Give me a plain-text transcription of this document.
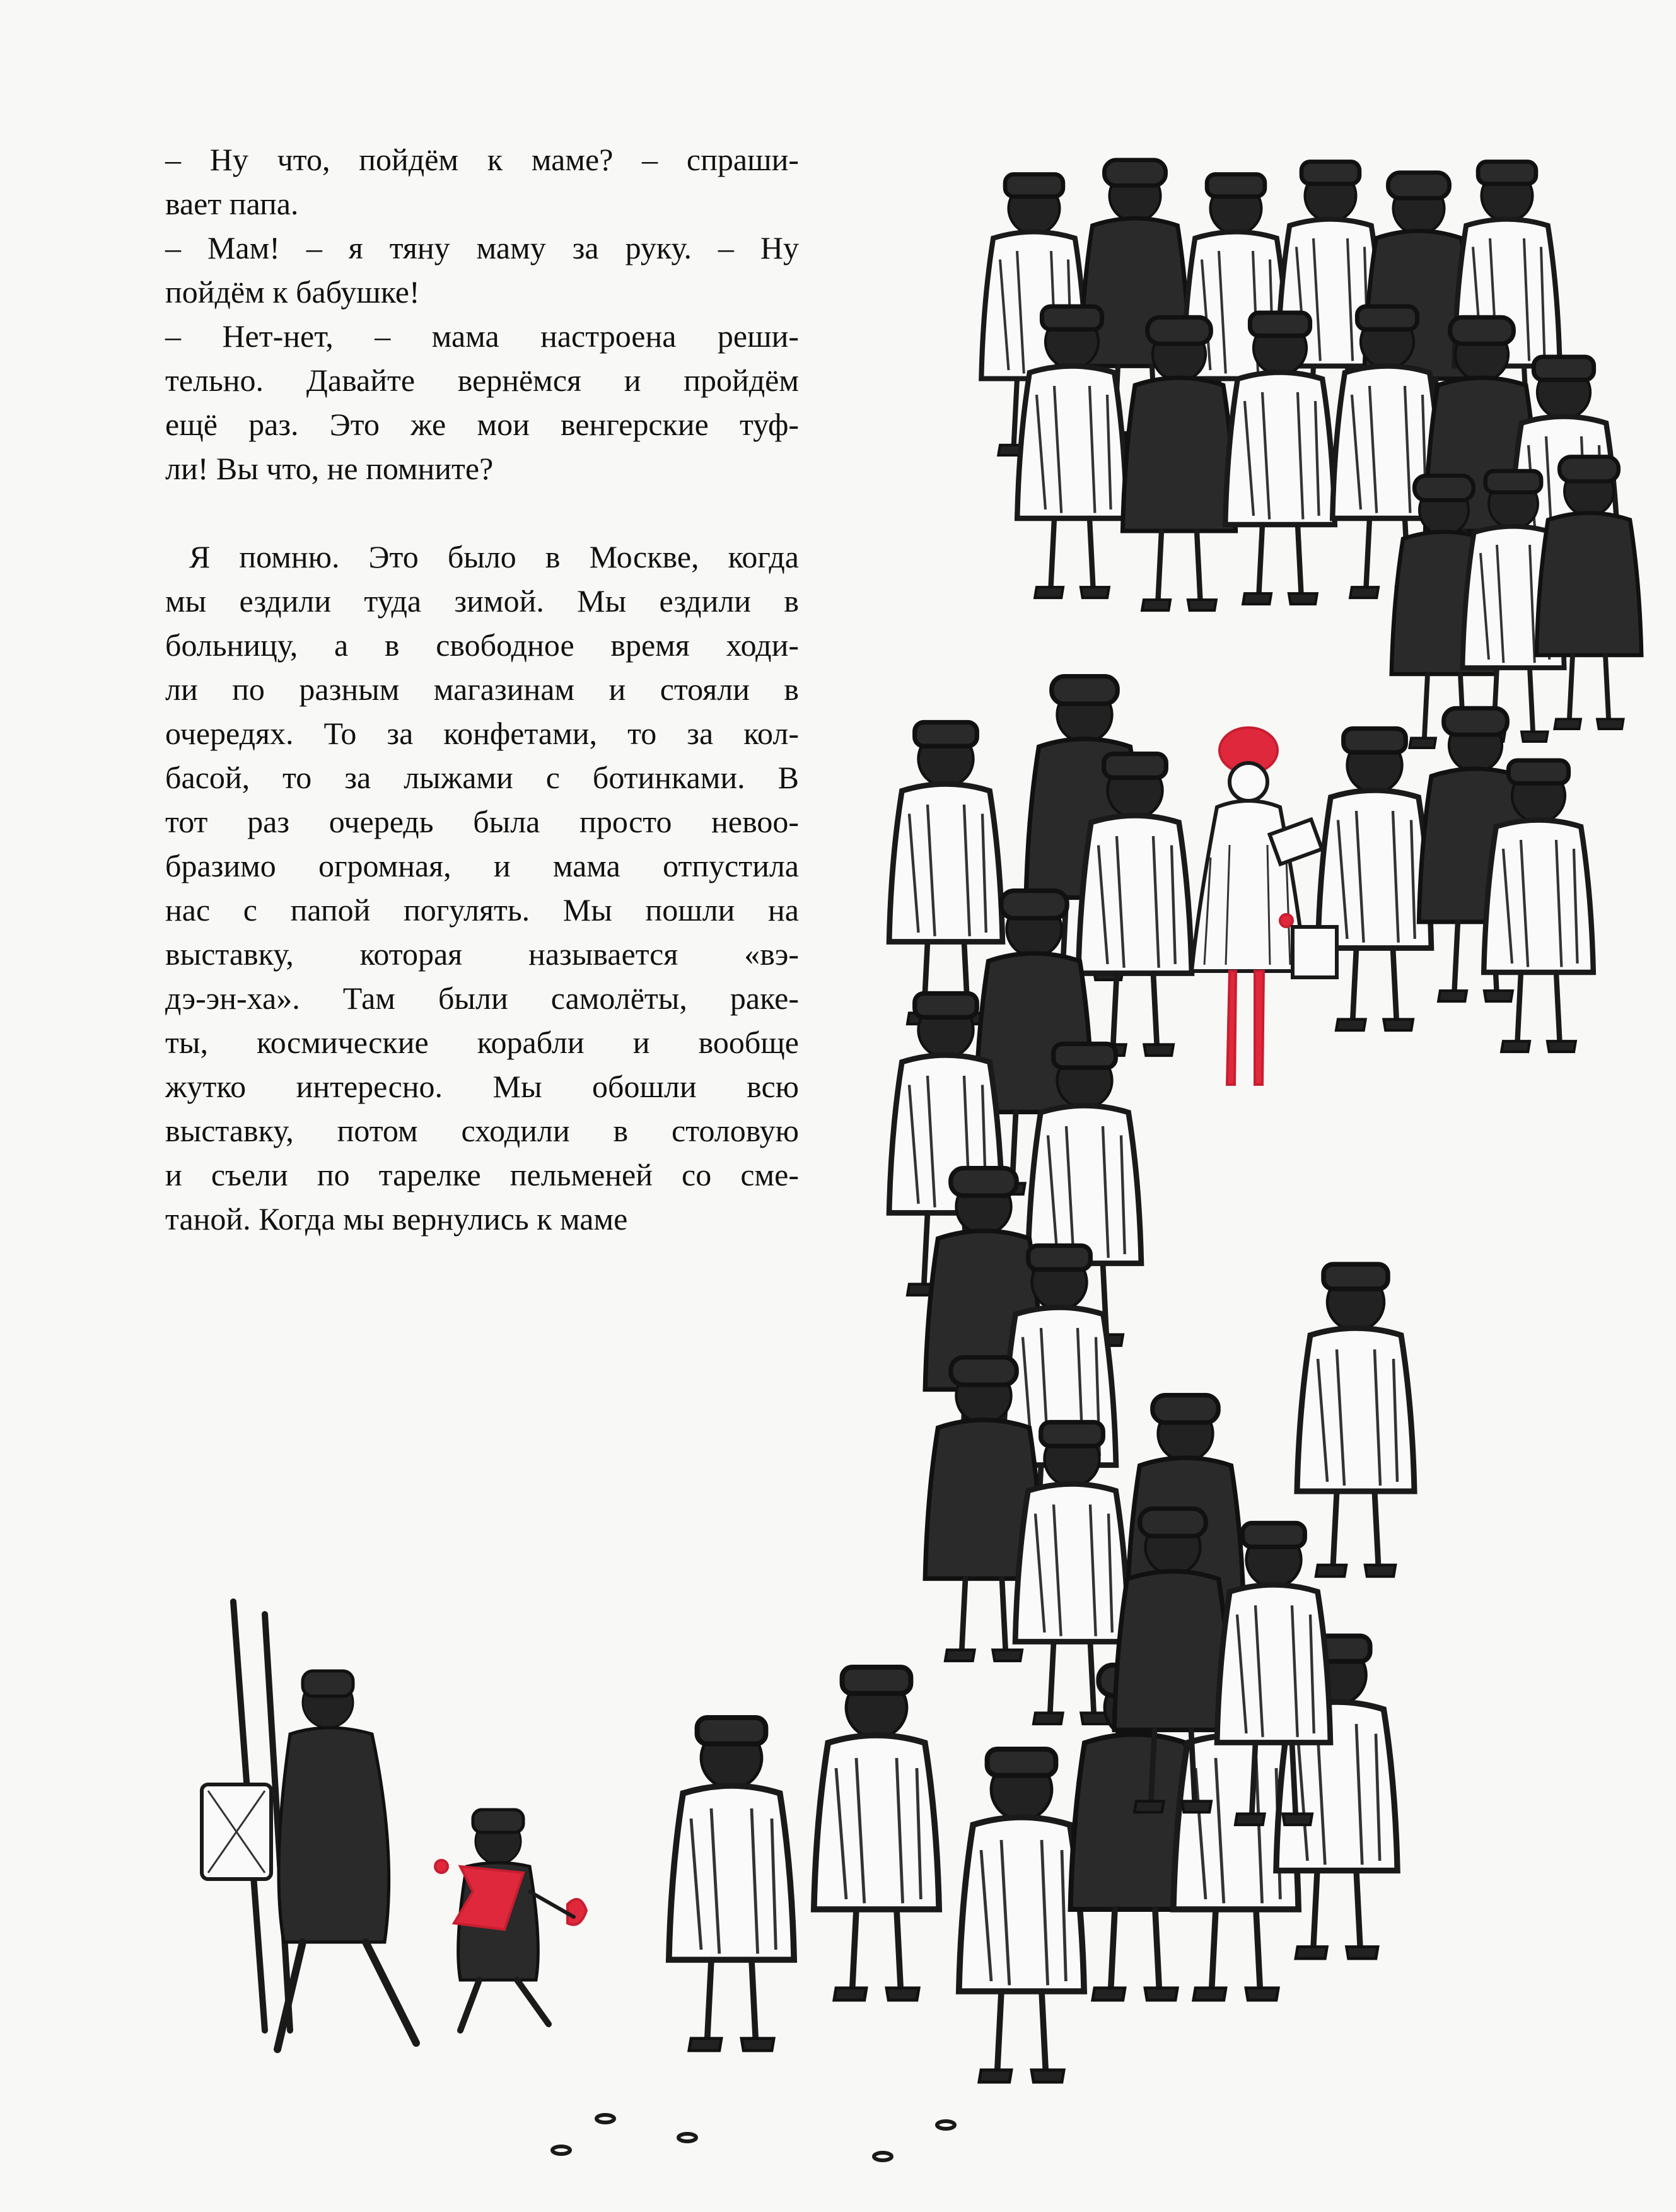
– Ну что, пойдём к маме? – спраши-
вает папа.
– Мам! – я тяну маму за руку. – Ну
пойдём к бабушке!
– Нет-нет, – мама настроена реши-
тельно. Давайте вернёмся и пройдём
ещё раз. Это же мои венгерские туф-
ли! Вы что, не помните?
Я помню. Это было в Москве, когда
мы ездили туда зимой. Мы ездили в
больницу, а в свободное время ходи-
ли по разным магазинам и стояли в
очередях. То за конфетами, то за кол-
басой, то за лыжами с ботинками. В
тот раз очередь была просто невоо-
бразимо огромная, и мама отпустила
нас с папой погулять. Мы пошли на
выставку, которая называется «вэ-
дэ-эн-ха». Там были самолёты, раке-
ты, космические корабли и вообще
жутко интересно. Мы обошли всю
выставку, потом сходили в столовую
и съели по тарелке пельменей со сме-
таной. Когда мы вернулись к маме
